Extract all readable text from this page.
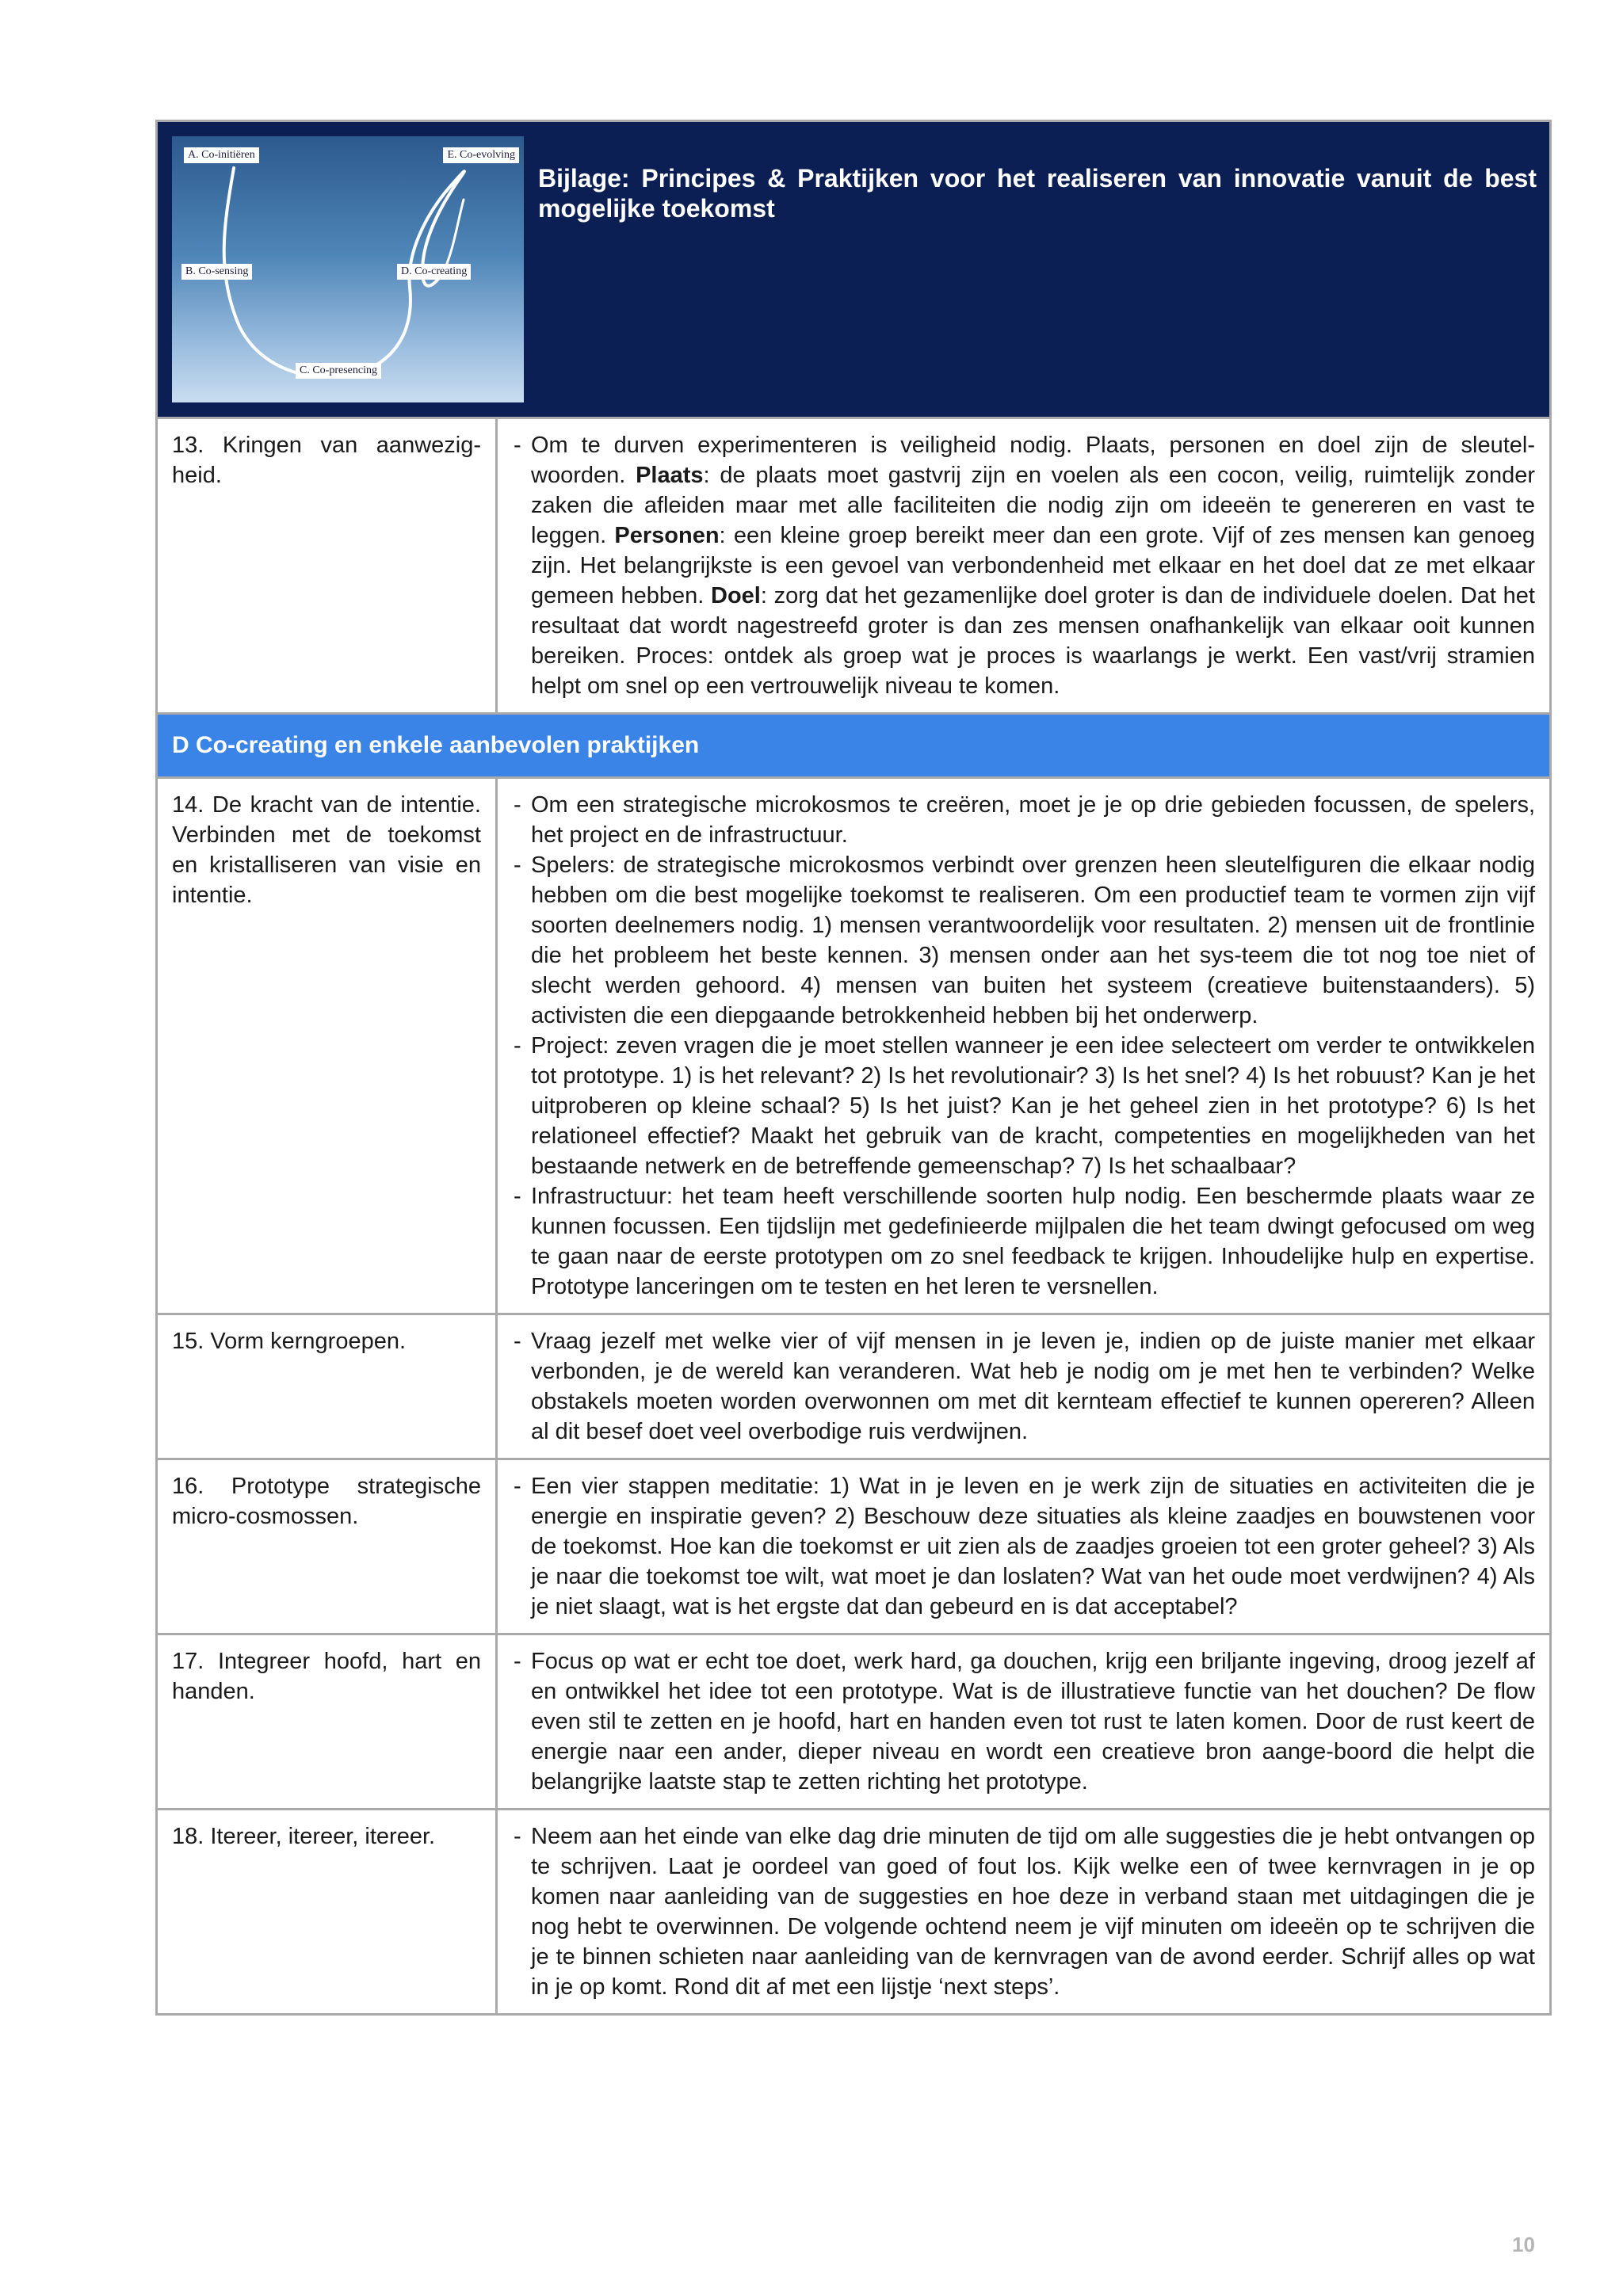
A. Co-initiëren	E. Co-evolving
B. Co-sensing	D. Co-creating
C. Co-presencing
Bijlage: Principes & Praktijken voor het realiseren van innovatie vanuit de best mogelijke toekomst
13. Kringen van aanwezig-heid.
- Om te durven experimenteren is veiligheid nodig. Plaats, personen en doel zijn de sleutel-woorden. Plaats: de plaats moet gastvrij zijn en voelen als een cocon, veilig, ruimtelijk zonder zaken die afleiden maar met alle faciliteiten die nodig zijn om ideeën te genereren en vast te leggen. Personen: een kleine groep bereikt meer dan een grote. Vijf of zes mensen kan genoeg zijn. Het belangrijkste is een gevoel van verbondenheid met elkaar en het doel dat ze met elkaar gemeen hebben. Doel: zorg dat het gezamenlijke doel groter is dan de individuele doelen. Dat het resultaat dat wordt nagestreefd groter is dan zes mensen onafhankelijk van elkaar ooit kunnen bereiken. Proces: ontdek als groep wat je proces is waarlangs je werkt. Een vast/vrij stramien helpt om snel op een vertrouwelijk niveau te komen.
D Co-creating en enkele aanbevolen praktijken
14. De kracht van de intentie. Verbinden met de toekomst en kristalliseren van visie en intentie.
- Om een strategische microkosmos te creëren, moet je je op drie gebieden focussen, de spelers, het project en de infrastructuur.
- Spelers: de strategische microkosmos verbindt over grenzen heen sleutelfiguren die elkaar nodig hebben om die best mogelijke toekomst te realiseren. Om een productief team te vormen zijn vijf soorten deelnemers nodig. 1) mensen verantwoordelijk voor resultaten. 2) mensen uit de frontlinie die het probleem het beste kennen. 3) mensen onder aan het sys-teem die tot nog toe niet of slecht werden gehoord. 4) mensen van buiten het systeem (creatieve buitenstaanders). 5) activisten die een diepgaande betrokkenheid hebben bij het onderwerp.
- Project: zeven vragen die je moet stellen wanneer je een idee selecteert om verder te ontwikkelen tot prototype. 1) is het relevant? 2) Is het revolutionair? 3) Is het snel? 4) Is het robuust? Kan je het uitproberen op kleine schaal? 5) Is het juist? Kan je het geheel zien in het prototype? 6) Is het relationeel effectief? Maakt het gebruik van de kracht, competenties en mogelijkheden van het bestaande netwerk en de betreffende gemeenschap? 7) Is het schaalbaar?
- Infrastructuur: het team heeft verschillende soorten hulp nodig. Een beschermde plaats waar ze kunnen focussen. Een tijdslijn met gedefinieerde mijlpalen die het team dwingt gefocused om weg te gaan naar de eerste prototypen om zo snel feedback te krijgen. Inhoudelijke hulp en expertise. Prototype lanceringen om te testen en het leren te versnellen.
15. Vorm kerngroepen.	- Vraag jezelf met welke vier of vijf mensen in je leven je, indien op de juiste manier met elkaar verbonden, je de wereld kan veranderen. Wat heb je nodig om je met hen te verbinden? Welke obstakels moeten worden overwonnen om met dit kernteam effectief te kunnen opereren? Alleen al dit besef doet veel overbodige ruis verdwijnen.
16. Prototype strategische micro-cosmossen.
- Een vier stappen meditatie: 1) Wat in je leven en je werk zijn de situaties en activiteiten die je energie en inspiratie geven? 2) Beschouw deze situaties als kleine zaadjes en bouwstenen voor de toekomst. Hoe kan die toekomst er uit zien als de zaadjes groeien tot een groter geheel? 3) Als je naar die toekomst toe wilt, wat moet je dan loslaten? Wat van het oude moet verdwijnen? 4) Als je niet slaagt, wat is het ergste dat dan gebeurd en is dat acceptabel?
17. Integreer hoofd, hart en handen.
- Focus op wat er echt toe doet, werk hard, ga douchen, krijg een briljante ingeving, droog jezelf af en ontwikkel het idee tot een prototype. Wat is de illustratieve functie van het douchen? De flow even stil te zetten en je hoofd, hart en handen even tot rust te laten komen. Door de rust keert de energie naar een ander, dieper niveau en wordt een creatieve bron aange-boord die helpt die belangrijke laatste stap te zetten richting het prototype.
18. Itereer, itereer, itereer.	- Neem aan het einde van elke dag drie minuten de tijd om alle suggesties die je hebt ontvangen op te schrijven. Laat je oordeel van goed of fout los. Kijk welke een of twee kernvragen in je op komen naar aanleiding van de suggesties en hoe deze in verband staan met uitdagingen die je nog hebt te overwinnen. De volgende ochtend neem je vijf minuten om ideeën op te schrijven die je te binnen schieten naar aanleiding van de kernvragen van de avond eerder. Schrijf alles op wat in je op komt. Rond dit af met een lijstje ‘next steps’.
10
